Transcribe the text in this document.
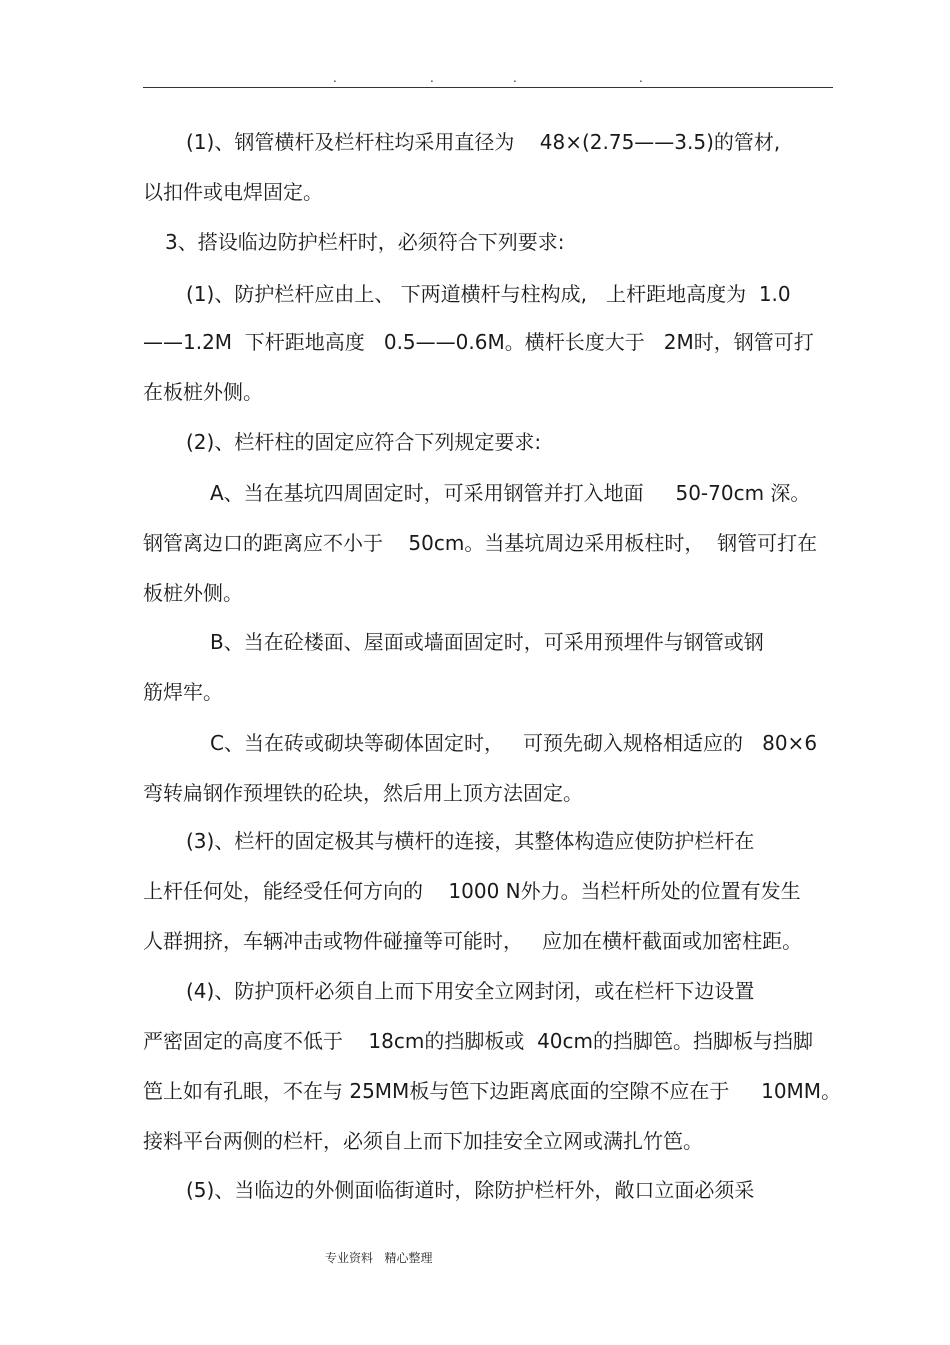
.	.	.	.
(1)、钢管横杆及栏杆柱均采用直径为    48×(2.75——3.5)的管材,
以扣件或电焊固定。
3、搭设临边防护栏杆时，必须符合下列要求:
(1)、防护栏杆应由上、 下两道横杆与柱构成,   上杆距地高度为  1.0
——1.2M  下杆距地高度   0.5——0.6M。横杆长度大于   2M时，钢管可打
在板桩外侧。
(2)、栏杆柱的固定应符合下列规定要求:
A、当在基坑四周固定时，可采用钢管并打入地面     50-70cm 深。
钢管离边口的距离应不小于    50cm。当基坑周边采用板柱时，  钢管可打在
板桩外侧。
B、当在砼楼面、屋面或墙面固定时，可采用预埋件与钢管或钢
筋焊牢。
C、当在砖或砌块等砌体固定时，   可预先砌入规格相适应的   80×6
弯转扁钢作预埋铁的砼块，然后用上顶方法固定。
(3)、栏杆的固定极其与横杆的连接，其整体构造应使防护栏杆在
上杆任何处，能经受任何方向的    1000 N外力。当栏杆所处的位置有发生
人群拥挤，车辆冲击或物件碰撞等可能时，   应加在横杆截面或加密柱距。
(4)、防护顶杆必须自上而下用安全立网封闭，或在栏杆下边设置
严密固定的高度不低于    18cm的挡脚板或  40cm的挡脚笆。挡脚板与挡脚
笆上如有孔眼，不在与 25MM板与笆下边距离底面的空隙不应在于     10MM。
接料平台两侧的栏杆，必须自上而下加挂安全立网或满扎竹笆。
(5)、当临边的外侧面临街道时，除防护栏杆外，敞口立面必须采
专业资料   精心整理
